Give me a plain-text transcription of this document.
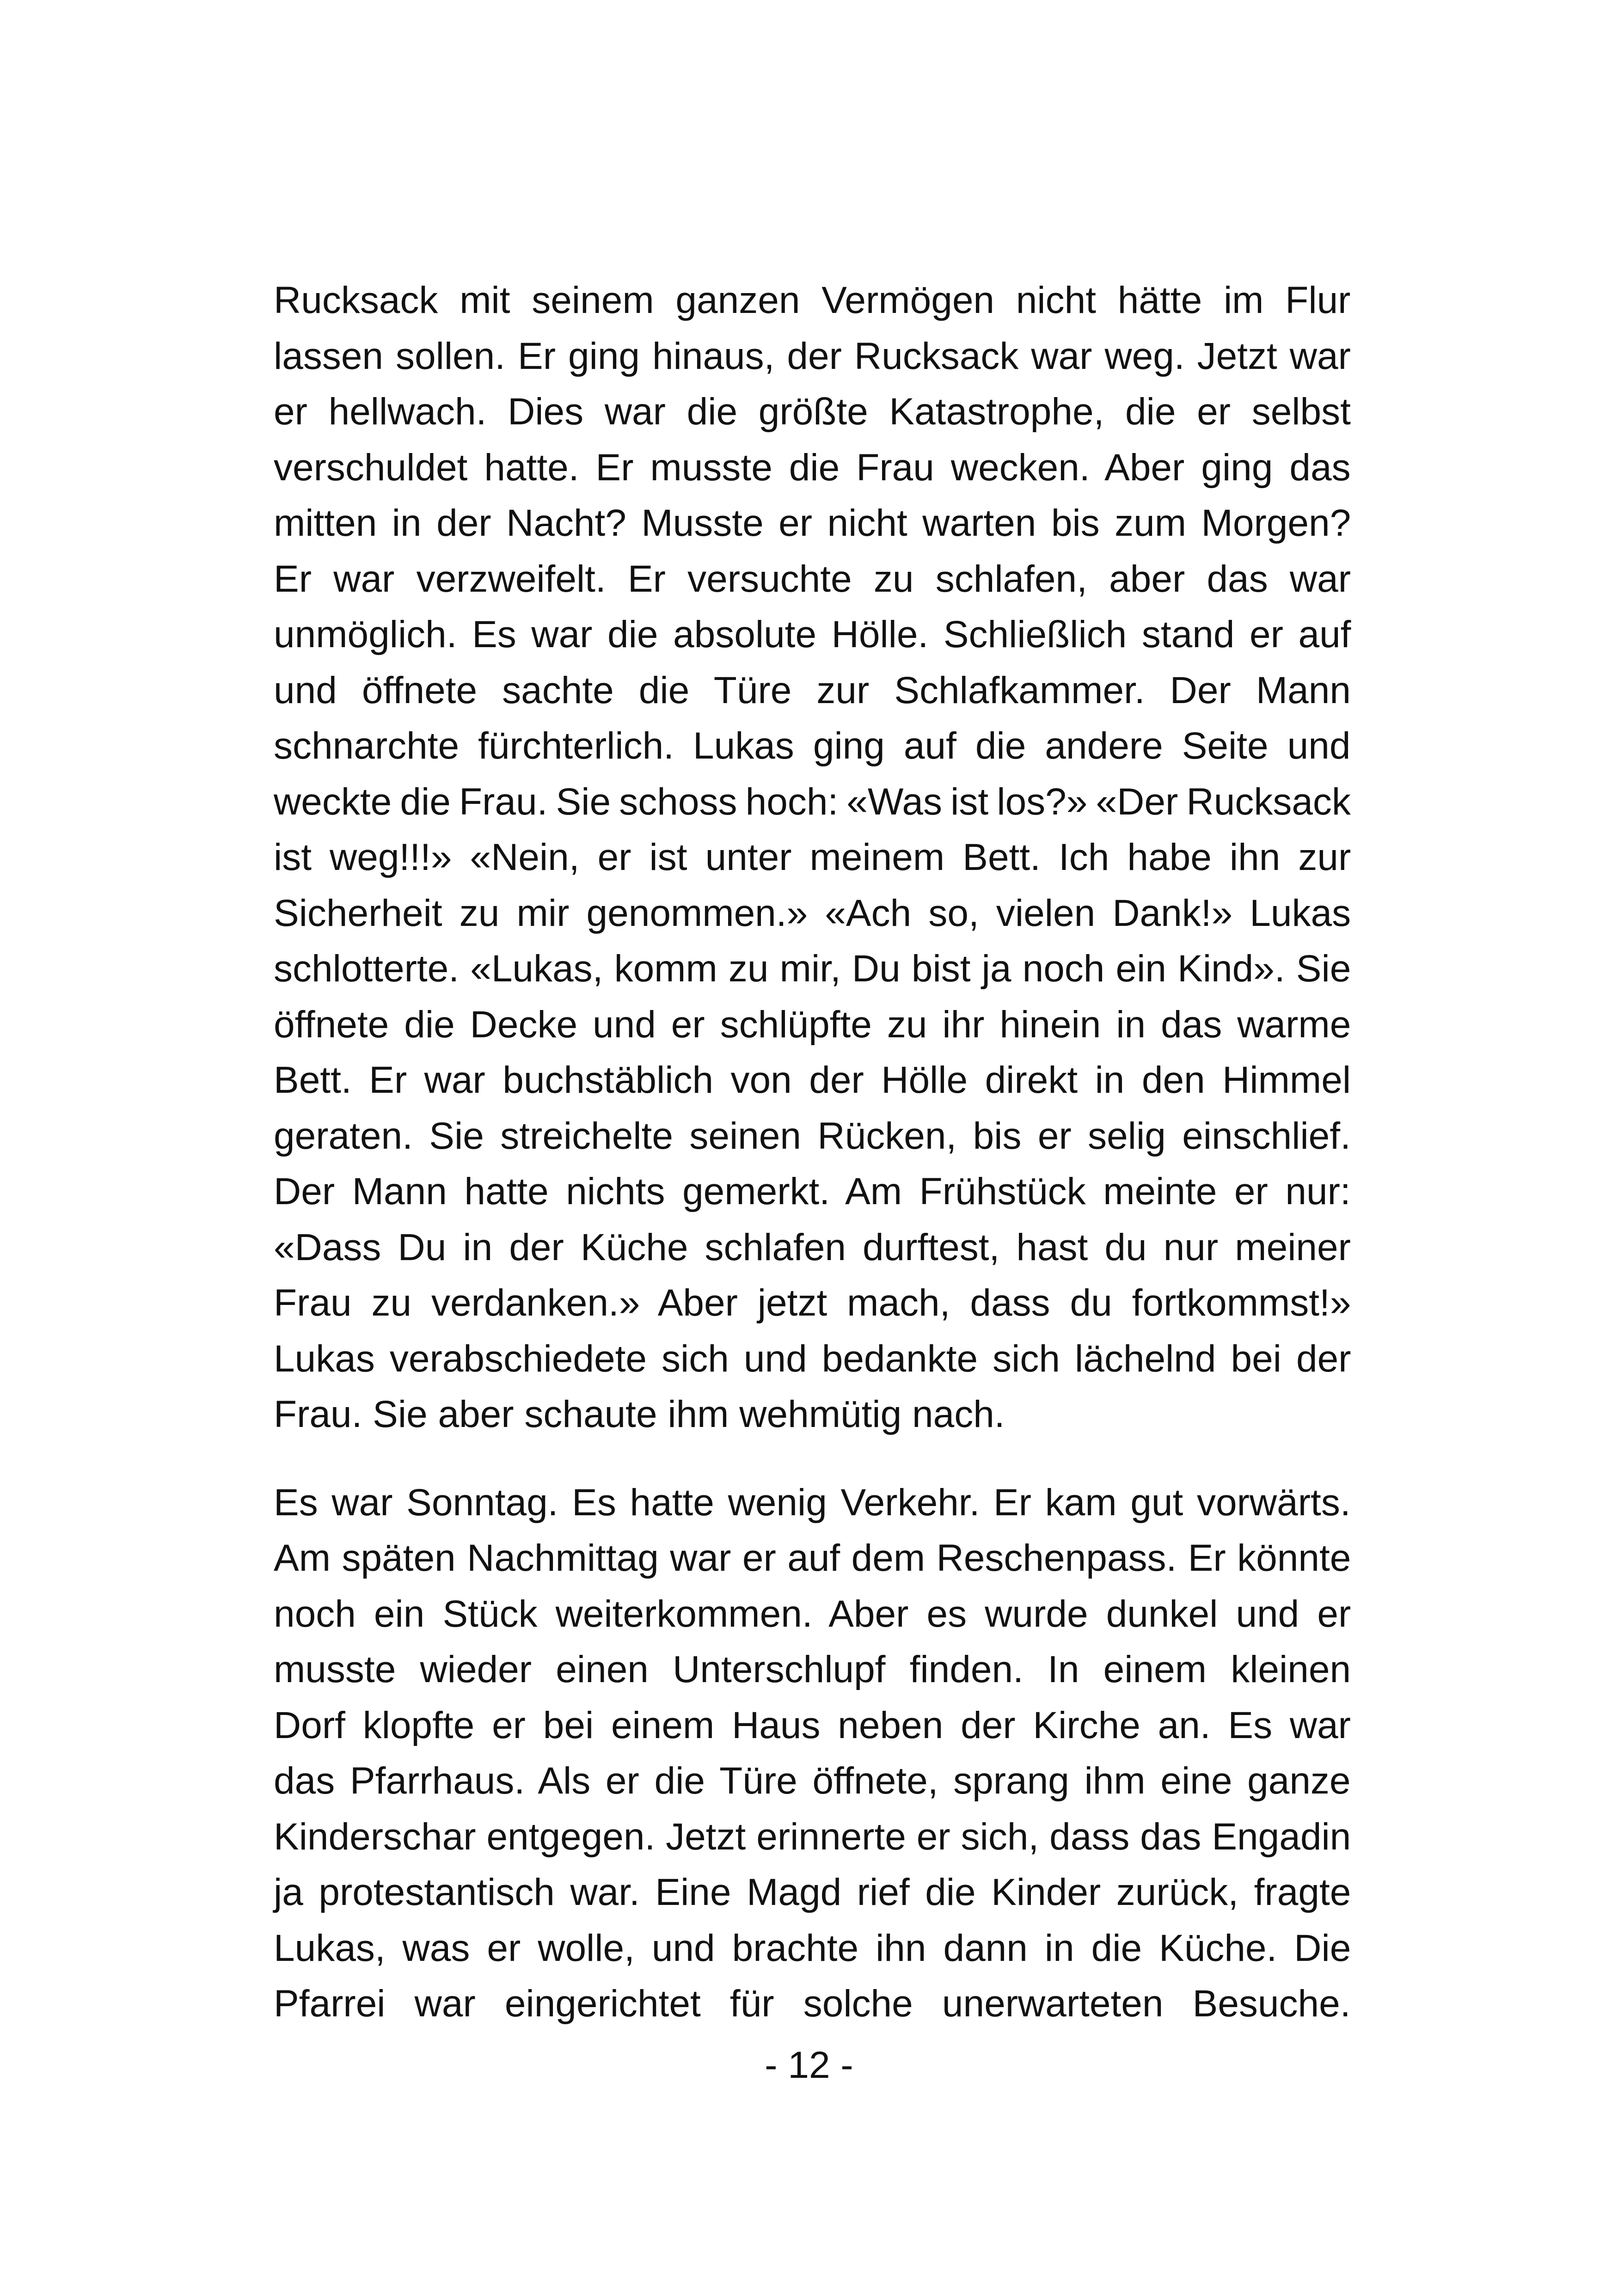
Rucksack mit seinem ganzen Vermögen nicht hätte im Flur
lassen sollen. Er ging hinaus, der Rucksack war weg. Jetzt war
er hellwach. Dies war die größte Katastrophe, die er selbst
verschuldet hatte. Er musste die Frau wecken. Aber ging das
mitten in der Nacht? Musste er nicht warten bis zum Morgen?
Er war verzweifelt. Er versuchte zu schlafen, aber das war
unmöglich. Es war die absolute Hölle. Schließlich stand er auf
und öffnete sachte die Türe zur Schlafkammer. Der Mann
schnarchte fürchterlich. Lukas ging auf die andere Seite und
weckte die Frau. Sie schoss hoch: «Was ist los?» «Der Rucksack
ist weg!!!» «Nein, er ist unter meinem Bett. Ich habe ihn zur
Sicherheit zu mir genommen.» «Ach so, vielen Dank!» Lukas
schlotterte. «Lukas, komm zu mir, Du bist ja noch ein Kind». Sie
öffnete die Decke und er schlüpfte zu ihr hinein in das warme
Bett. Er war buchstäblich von der Hölle direkt in den Himmel
geraten. Sie streichelte seinen Rücken, bis er selig einschlief.
Der Mann hatte nichts gemerkt. Am Frühstück meinte er nur:
«Dass Du in der Küche schlafen durftest, hast du nur meiner
Frau zu verdanken.» Aber jetzt mach, dass du fortkommst!»
Lukas verabschiedete sich und bedankte sich lächelnd bei der
Frau. Sie aber schaute ihm wehmütig nach.

Es war Sonntag. Es hatte wenig Verkehr. Er kam gut vorwärts.
Am späten Nachmittag war er auf dem Reschenpass. Er könnte
noch ein Stück weiterkommen. Aber es wurde dunkel und er
musste wieder einen Unterschlupf finden. In einem kleinen
Dorf klopfte er bei einem Haus neben der Kirche an. Es war
das Pfarrhaus. Als er die Türe öffnete, sprang ihm eine ganze
Kinderschar entgegen. Jetzt erinnerte er sich, dass das Engadin
ja protestantisch war. Eine Magd rief die Kinder zurück, fragte
Lukas, was er wolle, und brachte ihn dann in die Küche. Die
Pfarrei war eingerichtet für solche unerwarteten Besuche.

- 12 -
